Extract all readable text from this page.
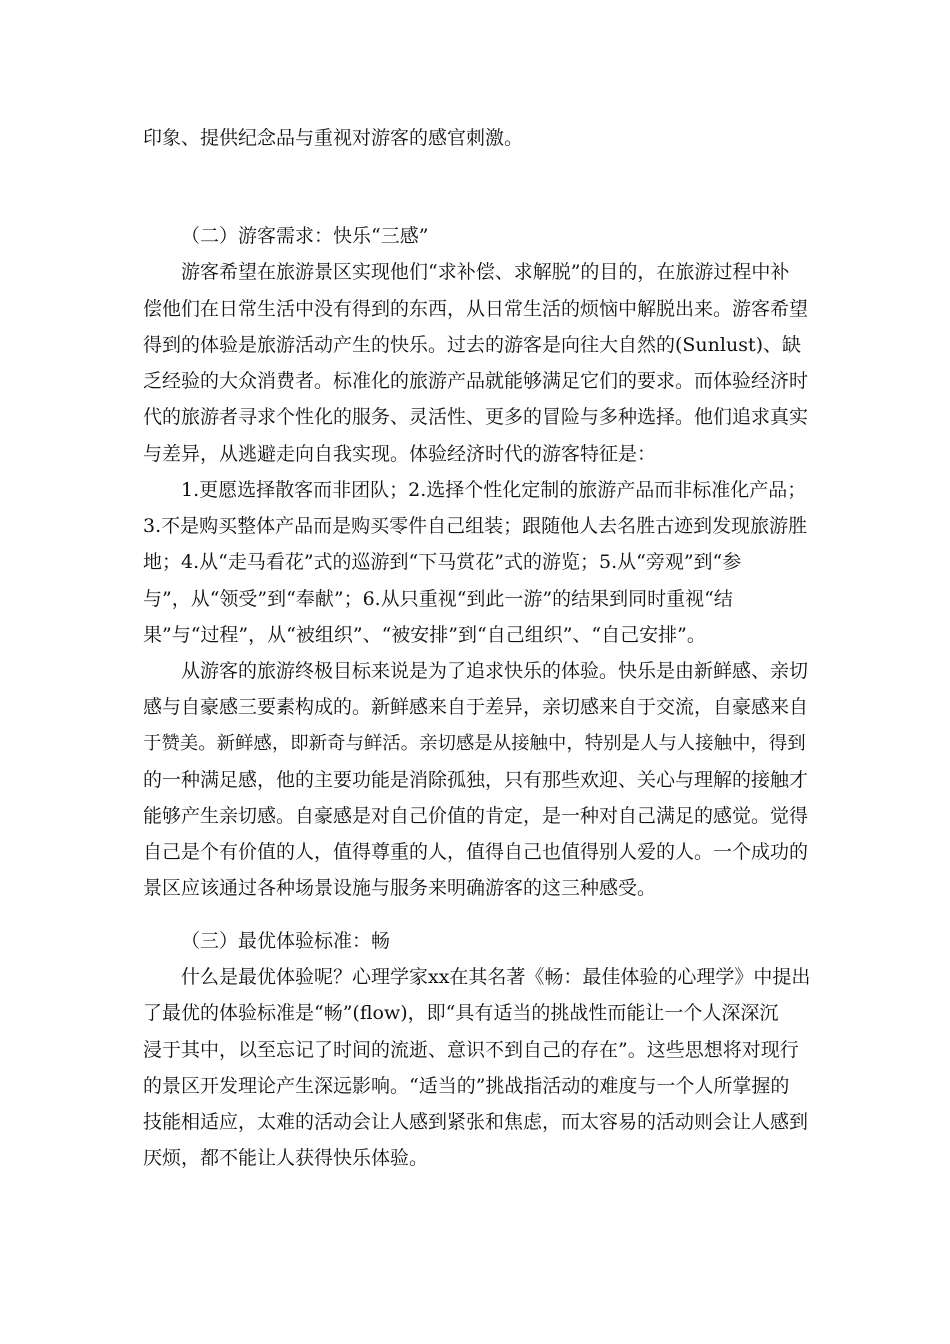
印象、提供纪念品与重视对游客的感官刺激。
（二）游客需求：快乐“三感”
游客希望在旅游景区实现他们“求补偿、求解脱”的目的，在旅游过程中补
偿他们在日常生活中没有得到的东西，从日常生活的烦恼中解脱出来。游客希望
得到的体验是旅游活动产生的快乐。过去的游客是向往大自然的(Sunlust)、缺
乏经验的大众消费者。标准化的旅游产品就能够满足它们的要求。而体验经济时
代的旅游者寻求个性化的服务、灵活性、更多的冒险与多种选择。他们追求真实
与差异，从逃避走向自我实现。体验经济时代的游客特征是：
1.更愿选择散客而非团队；2.选择个性化定制的旅游产品而非标准化产品；
3.不是购买整体产品而是购买零件自己组装；跟随他人去名胜古迹到发现旅游胜
地；4.从“走马看花”式的巡游到“下马赏花”式的游览；5.从“旁观”到“参
与”，从“领受”到“奉献”；6.从只重视“到此一游”的结果到同时重视“结
果”与“过程”，从“被组织”、“被安排”到“自己组织”、“自己安排”。
从游客的旅游终极目标来说是为了追求快乐的体验。快乐是由新鲜感、亲切
感与自豪感三要素构成的。新鲜感来自于差异，亲切感来自于交流，自豪感来自
于赞美。新鲜感，即新奇与鲜活。亲切感是从接触中，特别是人与人接触中，得到
的一种满足感，他的主要功能是消除孤独，只有那些欢迎、关心与理解的接触才
能够产生亲切感。自豪感是对自己价值的肯定，是一种对自己满足的感觉。觉得
自己是个有价值的人，值得尊重的人，值得自己也值得别人爱的人。一个成功的
景区应该通过各种场景设施与服务来明确游客的这三种感受。
（三）最优体验标准：畅
什么是最优体验呢？心理学家xx在其名著《畅：最佳体验的心理学》中提出
了最优的体验标准是“畅”(flow)，即“具有适当的挑战性而能让一个人深深沉
浸于其中，以至忘记了时间的流逝、意识不到自己的存在”。这些思想将对现行
的景区开发理论产生深远影响。“适当的”挑战指活动的难度与一个人所掌握的
技能相适应，太难的活动会让人感到紧张和焦虑，而太容易的活动则会让人感到
厌烦，都不能让人获得快乐体验。
